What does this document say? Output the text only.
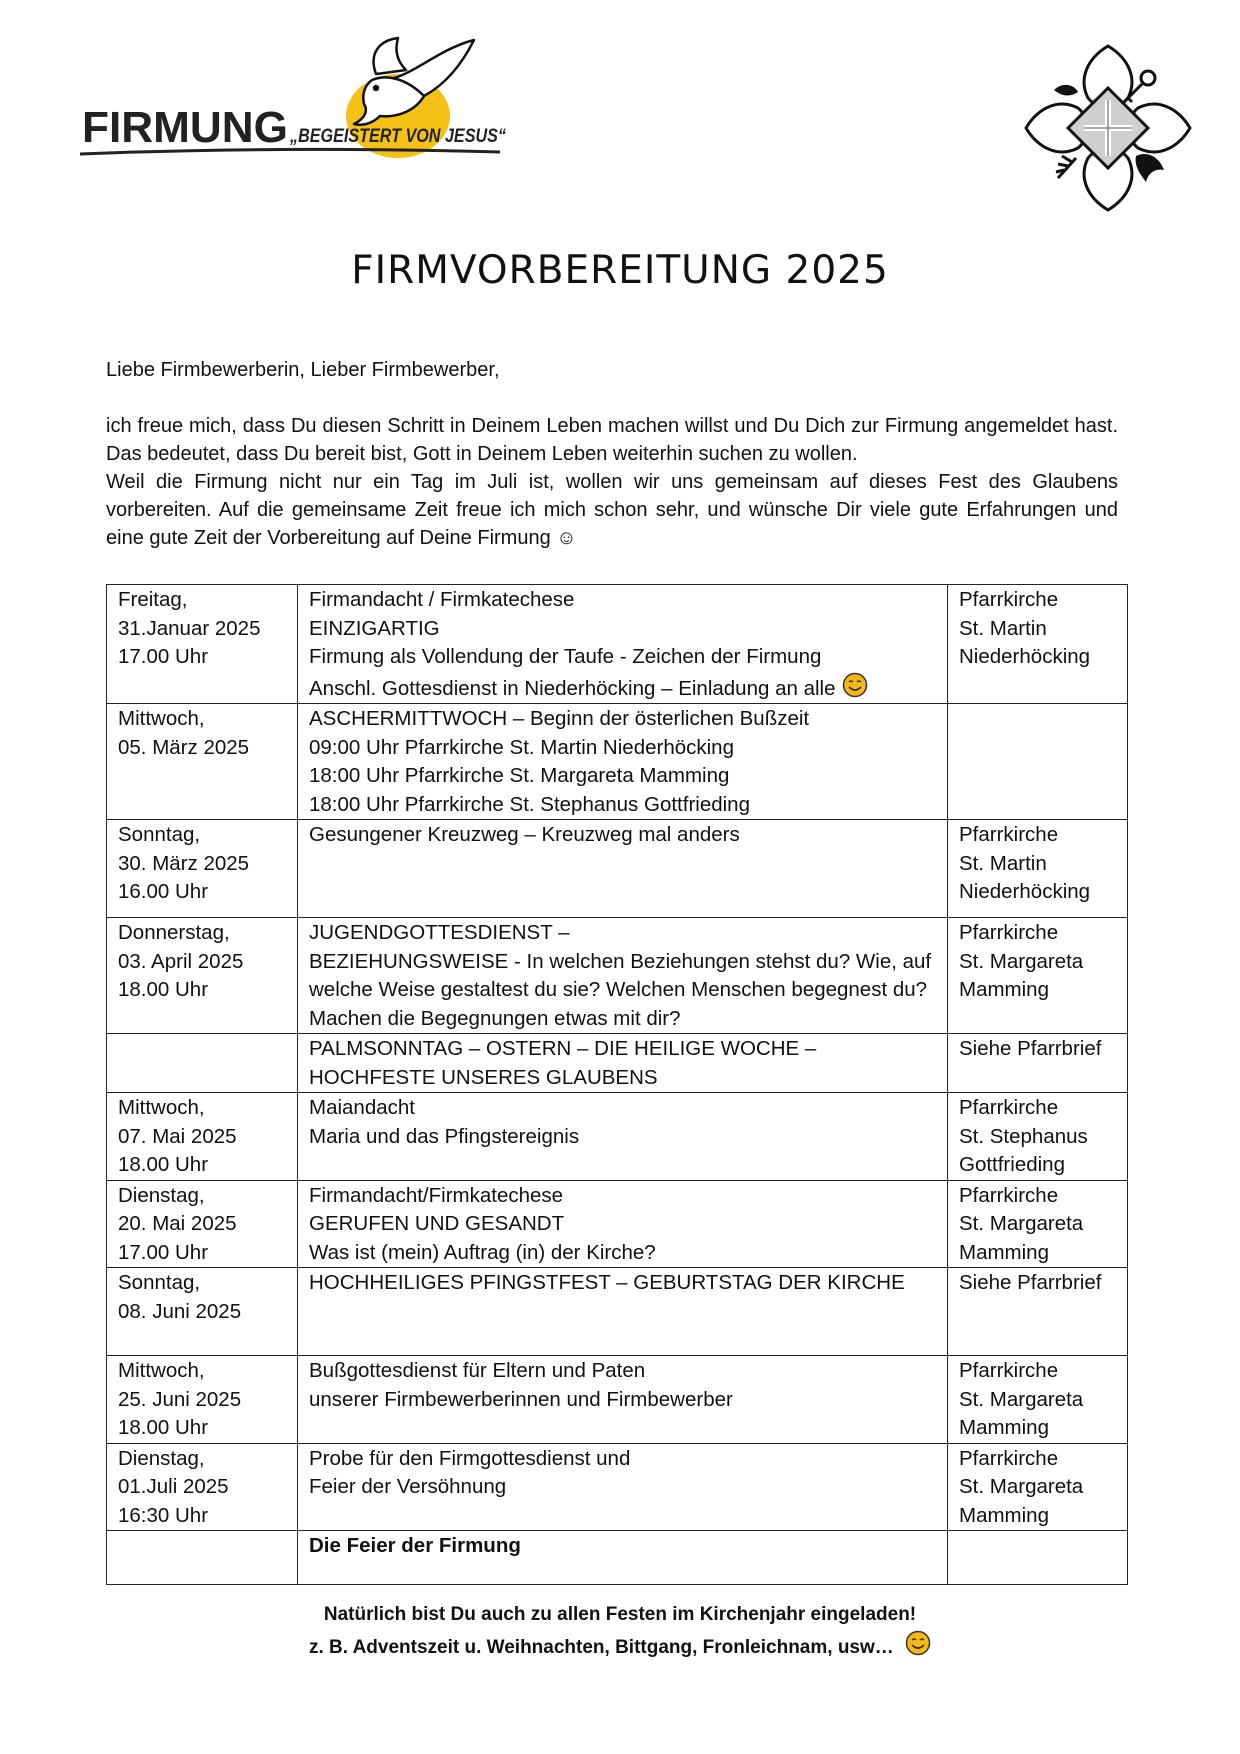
FIRMUNG „BEGEISTERT VON JESUS“
FIRMVORBEREITUNG 2025

Liebe Firmbewerberin, Lieber Firmbewerber,

ich freue mich, dass Du diesen Schritt in Deinem Leben machen willst und Du Dich zur Firmung angemeldet hast. Das bedeutet, dass Du bereit bist, Gott in Deinem Leben weiterhin suchen zu wollen.

Weil die Firmung nicht nur ein Tag im Juli ist, wollen wir uns gemeinsam auf dieses Fest des Glaubens vorbereiten. Auf die gemeinsame Zeit freue ich mich schon sehr, und wünsche Dir viele gute Erfahrungen und eine gute Zeit der Vorbereitung auf Deine Firmung ☺

Freitag,
31.Januar 2025
17.00 Uhr	Firmandacht / Firmkatechese
EINZIGARTIG
Firmung als Vollendung der Taufe - Zeichen der Firmung
Anschl. Gottesdienst in Niederhöcking – Einladung an alle	Pfarrkirche
St. Martin
Niederhöcking

Mittwoch,
05. März 2025	ASCHERMITTWOCH – Beginn der österlichen Bußzeit
09:00 Uhr Pfarrkirche St. Martin Niederhöcking
18:00 Uhr Pfarrkirche St. Margareta Mamming
18:00 Uhr Pfarrkirche St. Stephanus Gottfrieding	

Sonntag,
30. März 2025
16.00 Uhr	Gesungener Kreuzweg – Kreuzweg mal anders	Pfarrkirche
St. Martin
Niederhöcking

Donnerstag,
03. April 2025
18.00 Uhr	JUGENDGOTTESDIENST –
BEZIEHUNGSWEISE - In welchen Beziehungen stehst du? Wie, auf
welche Weise gestaltest du sie? Welchen Menschen begegnest du?
Machen die Begegnungen etwas mit dir?	Pfarrkirche
St. Margareta
Mamming

	PALMSONNTAG – OSTERN – DIE HEILIGE WOCHE –
HOCHFESTE UNSERES GLAUBENS	Siehe Pfarrbrief

Mittwoch,
07. Mai 2025
18.00 Uhr	Maiandacht
Maria und das Pfingstereignis	Pfarrkirche
St. Stephanus
Gottfrieding

Dienstag,
20. Mai 2025
17.00 Uhr	Firmandacht/Firmkatechese
GERUFEN UND GESANDT
Was ist (mein) Auftrag (in) der Kirche?	Pfarrkirche
St. Margareta
Mamming

Sonntag,
08. Juni 2025	HOCHHEILIGES PFINGSTFEST – GEBURTSTAG DER KIRCHE	Siehe Pfarrbrief

Mittwoch,
25. Juni 2025
18.00 Uhr	Bußgottesdienst für Eltern und Paten
unserer Firmbewerberinnen und Firmbewerber	Pfarrkirche
St. Margareta
Mamming

Dienstag,
01.Juli 2025
16:30 Uhr	Probe für den Firmgottesdienst und
Feier der Versöhnung	Pfarrkirche
St. Margareta
Mamming

	Die Feier der Firmung	

Natürlich bist Du auch zu allen Festen im Kirchenjahr eingeladen!
z. B. Adventszeit u. Weihnachten, Bittgang, Fronleichnam, usw…
